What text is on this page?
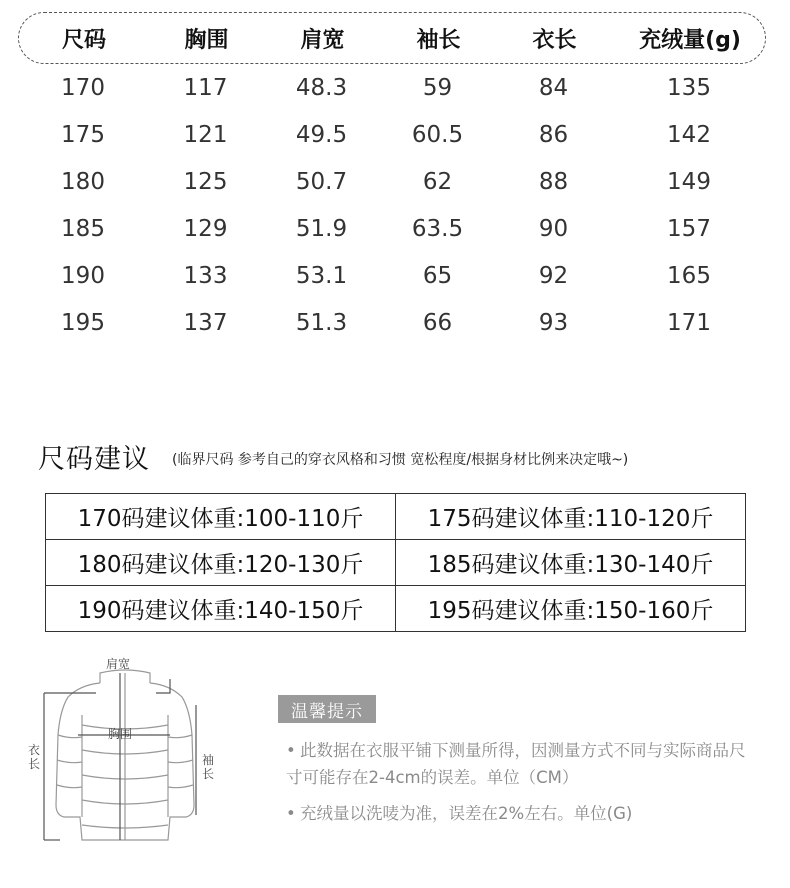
尺码	胸围	肩宽	袖长	衣长	充绒量(g)
170	117	48.3	59	84	135
175	121	49.5	60.5	86	142
180	125	50.7	62	88	149
185	129	51.9	63.5	90	157
190	133	53.1	65	92	165
195	137	51.3	66	93	171
尺码建议 (临界尺码 参考自己的穿衣风格和习惯 宽松程度/根据身材比例来决定哦~)
170码建议体重:100-110斤	175码建议体重:110-120斤
180码建议体重:120-130斤	185码建议体重:130-140斤
190码建议体重:140-150斤	195码建议体重:150-160斤
肩宽
胸围
衣长	袖长
温馨提示
• 此数据在衣服平铺下测量所得，因测量方式不同与实际商品尺寸可能存在2-4cm的误差。单位（CM）
• 充绒量以洗唛为准，误差在2%左右。单位(G)
